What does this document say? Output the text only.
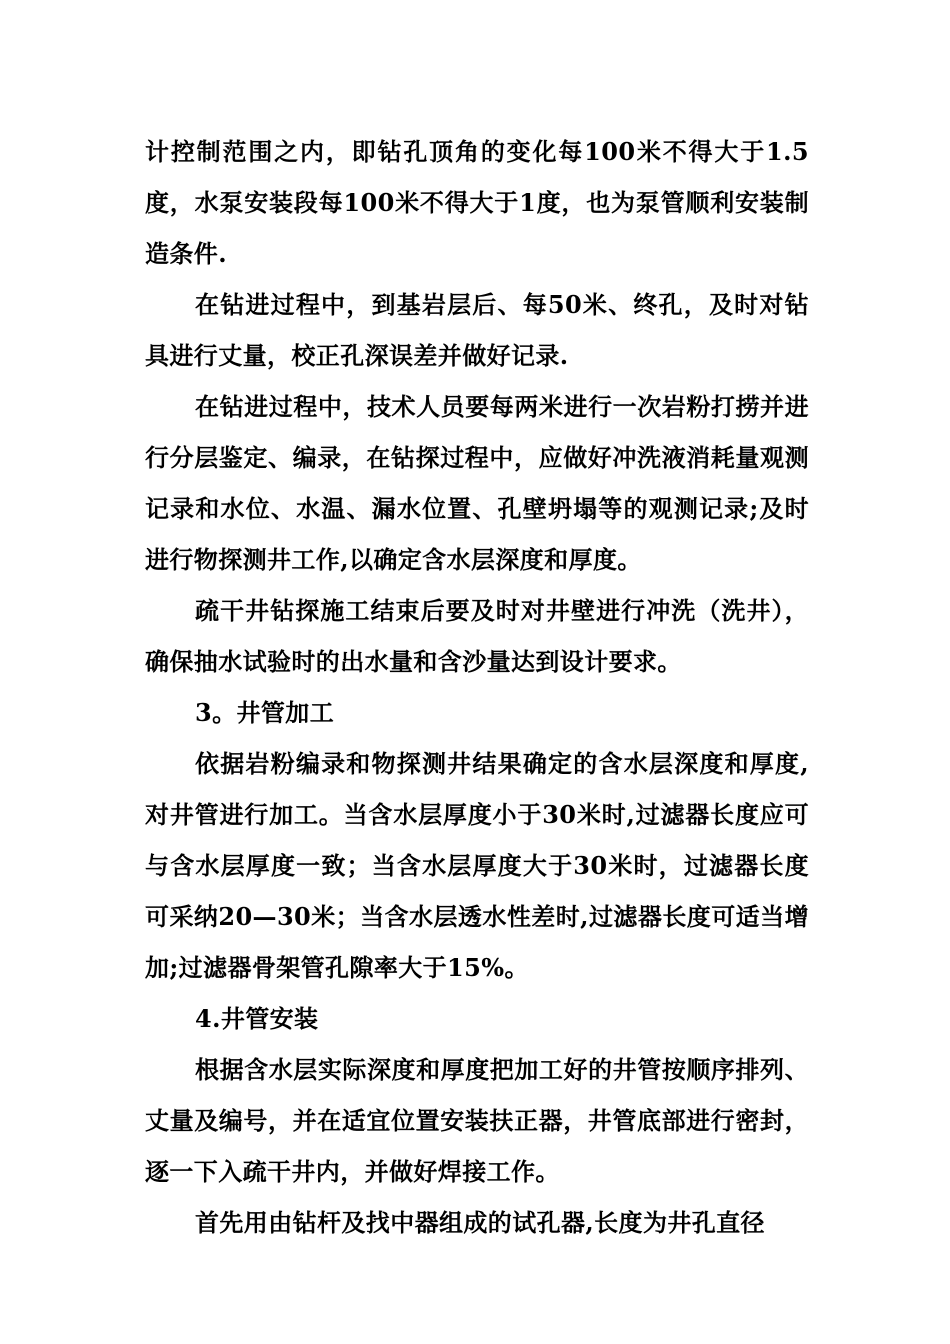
计控制范围之内，即钻孔顶角的变化每100米不得大于1.5度，水泵安装段每100米不得大于1度，也为泵管顺利安装制造条件.

在钻进过程中，到基岩层后、每50米、终孔，及时对钻具进行丈量，校正孔深误差并做好记录.

在钻进过程中，技术人员要每两米进行一次岩粉打捞并进行分层鉴定、编录，在钻探过程中，应做好冲洗液消耗量观测记录和水位、水温、漏水位置、孔壁坍塌等的观测记录;及时进行物探测井工作,以确定含水层深度和厚度。

疏干井钻探施工结束后要及时对井壁进行冲洗（洗井），确保抽水试验时的出水量和含沙量达到设计要求。

3。井管加工

依据岩粉编录和物探测井结果确定的含水层深度和厚度,对井管进行加工。当含水层厚度小于30米时,过滤器长度应可与含水层厚度一致；当含水层厚度大于30米时，过滤器长度可采纳20—30米；当含水层透水性差时,过滤器长度可适当增加;过滤器骨架管孔隙率大于15%。

4.井管安装

根据含水层实际深度和厚度把加工好的井管按顺序排列、丈量及编号，并在适宜位置安装扶正器，井管底部进行密封，逐一下入疏干井内，并做好焊接工作。

首先用由钻杆及找中器组成的试孔器,长度为井孔直径
